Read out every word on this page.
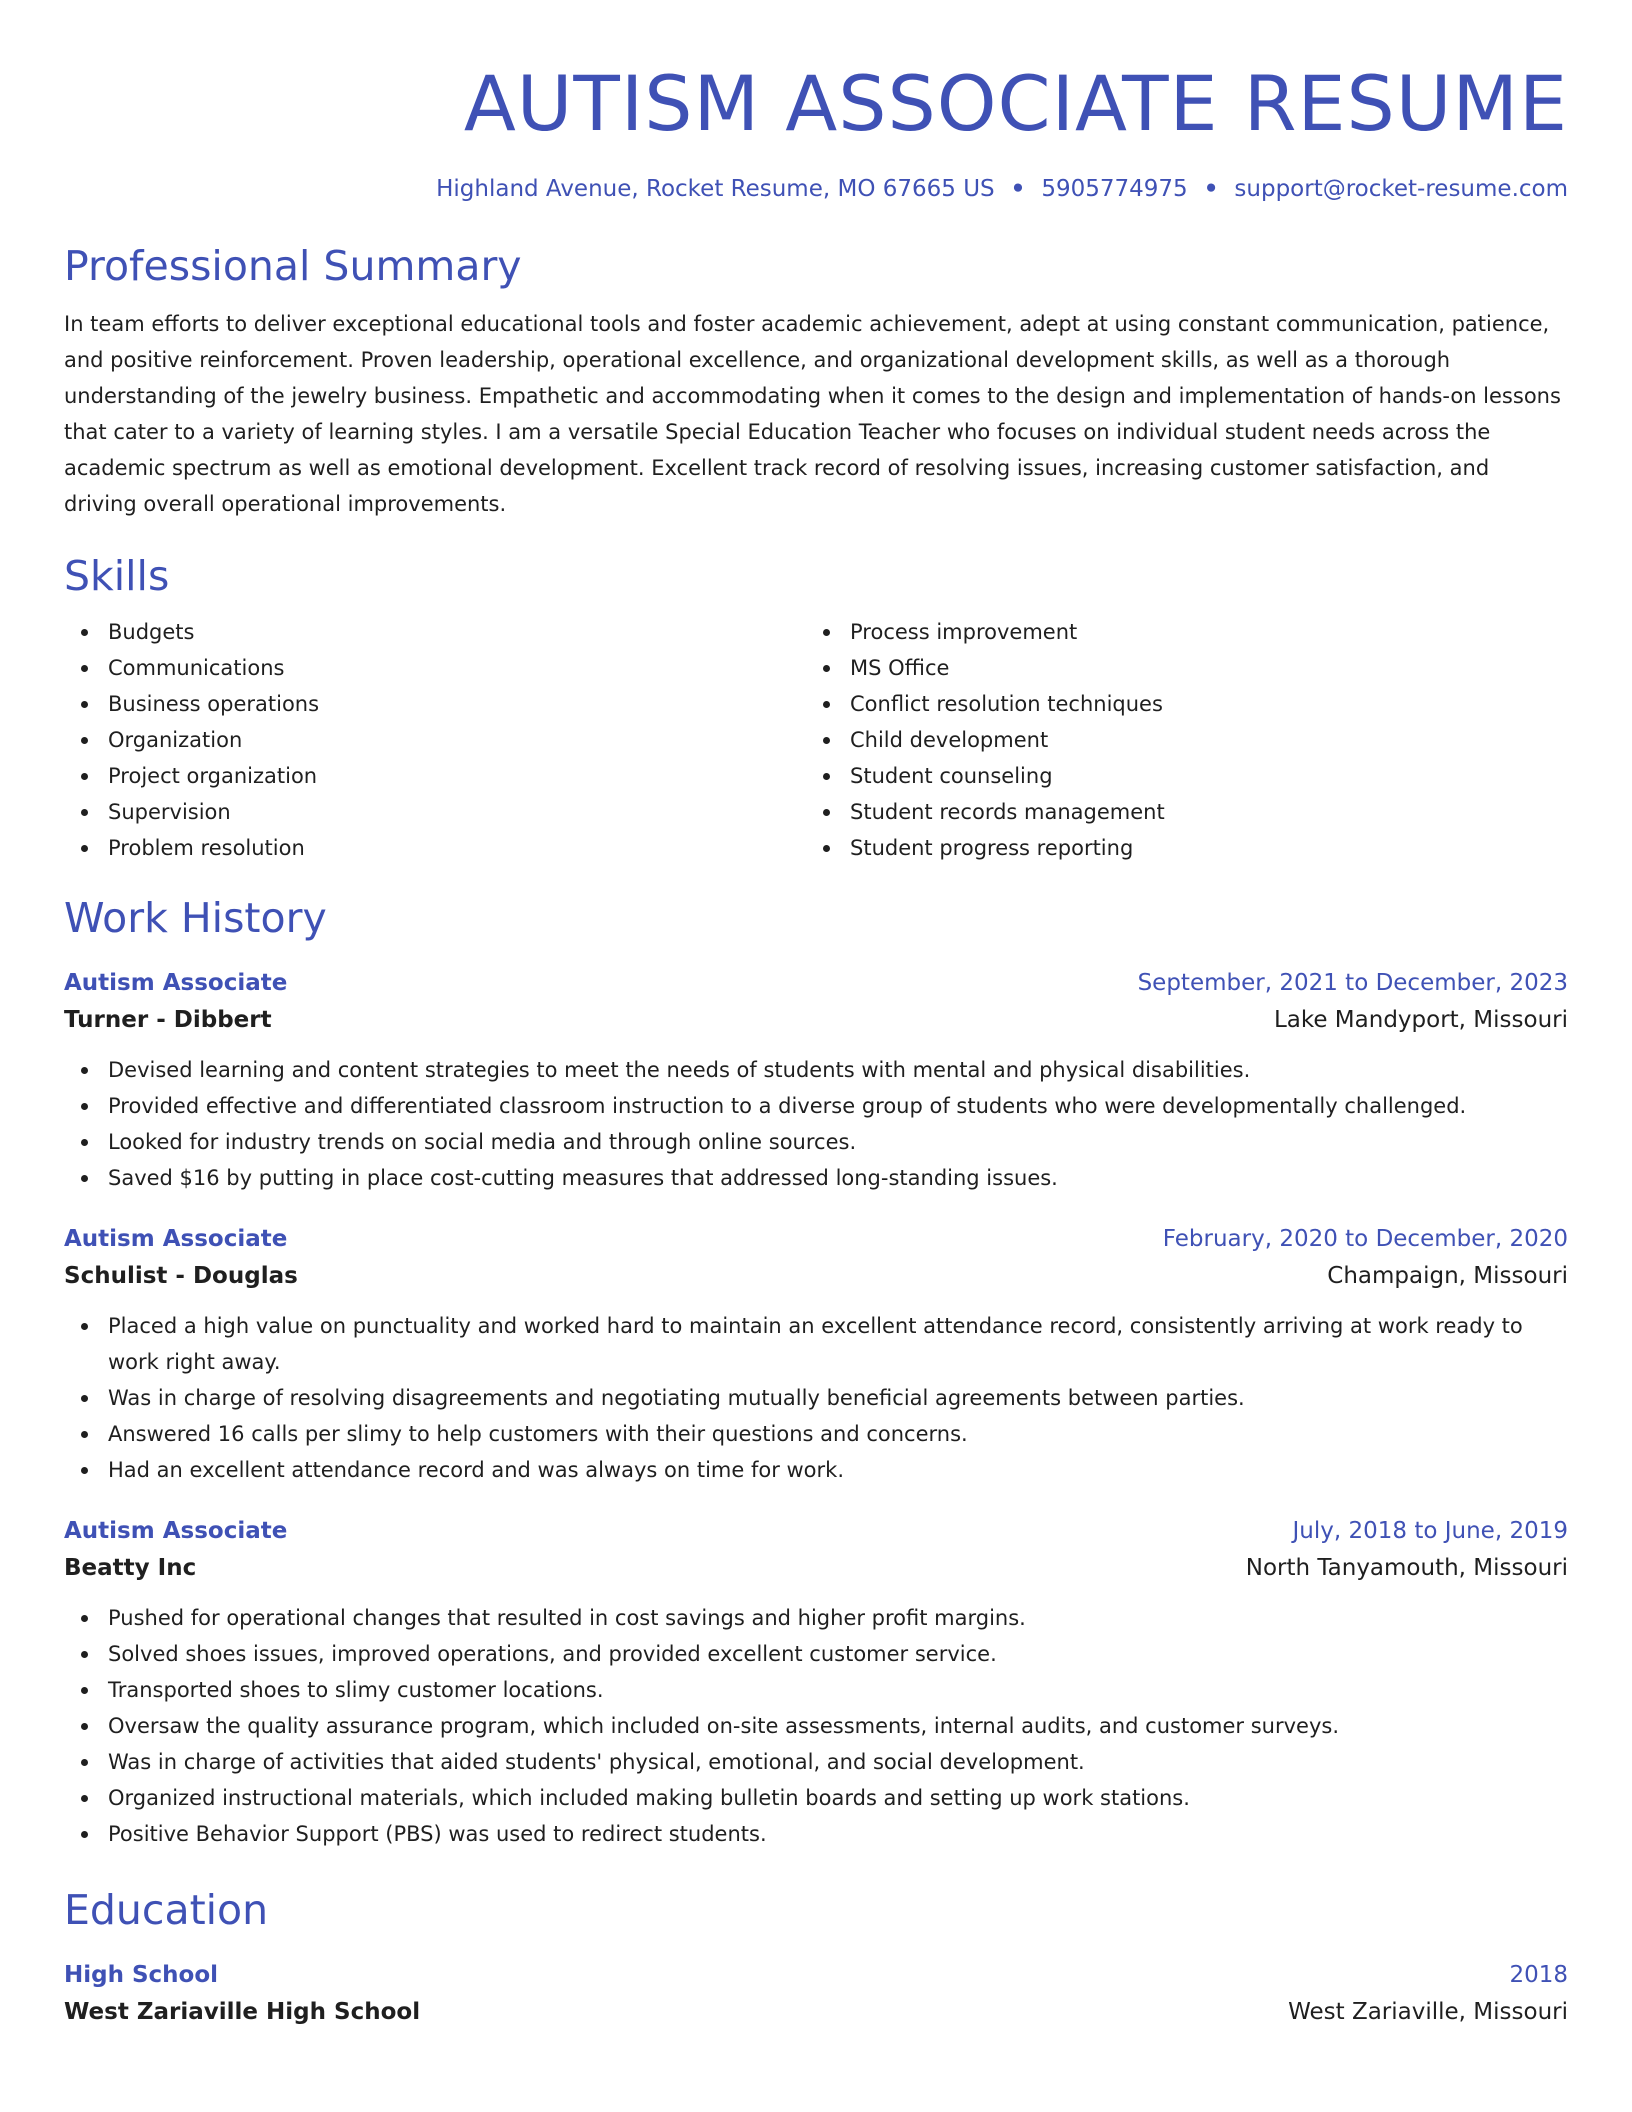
AUTISM ASSOCIATE RESUME
Highland Avenue, Rocket Resume, MO 67665 US • 5905774975 • support@rocket-resume.com
Professional Summary
In team efforts to deliver exceptional educational tools and foster academic achievement, adept at using constant communication, patience, and positive reinforcement. Proven leadership, operational excellence, and organizational development skills, as well as a thorough understanding of the jewelry business. Empathetic and accommodating when it comes to the design and implementation of hands-on lessons that cater to a variety of learning styles. I am a versatile Special Education Teacher who focuses on individual student needs across the academic spectrum as well as emotional development. Excellent track record of resolving issues, increasing customer satisfaction, and driving overall operational improvements.
Skills
Budgets
Communications
Business operations
Organization
Project organization
Supervision
Problem resolution
Process improvement
MS Office
Conflict resolution techniques
Child development
Student counseling
Student records management
Student progress reporting
Work History
Autism Associate	September, 2021 to December, 2023
Turner - Dibbert	Lake Mandyport, Missouri
Devised learning and content strategies to meet the needs of students with mental and physical disabilities.
Provided effective and differentiated classroom instruction to a diverse group of students who were developmentally challenged.
Looked for industry trends on social media and through online sources.
Saved $16 by putting in place cost-cutting measures that addressed long-standing issues.
Autism Associate	February, 2020 to December, 2020
Schulist - Douglas	Champaign, Missouri
Placed a high value on punctuality and worked hard to maintain an excellent attendance record, consistently arriving at work ready to work right away.
Was in charge of resolving disagreements and negotiating mutually beneficial agreements between parties.
Answered 16 calls per slimy to help customers with their questions and concerns.
Had an excellent attendance record and was always on time for work.
Autism Associate	July, 2018 to June, 2019
Beatty Inc	North Tanyamouth, Missouri
Pushed for operational changes that resulted in cost savings and higher profit margins.
Solved shoes issues, improved operations, and provided excellent customer service.
Transported shoes to slimy customer locations.
Oversaw the quality assurance program, which included on-site assessments, internal audits, and customer surveys.
Was in charge of activities that aided students' physical, emotional, and social development.
Organized instructional materials, which included making bulletin boards and setting up work stations.
Positive Behavior Support (PBS) was used to redirect students.
Education
High School	2018
West Zariaville High School	West Zariaville, Missouri
